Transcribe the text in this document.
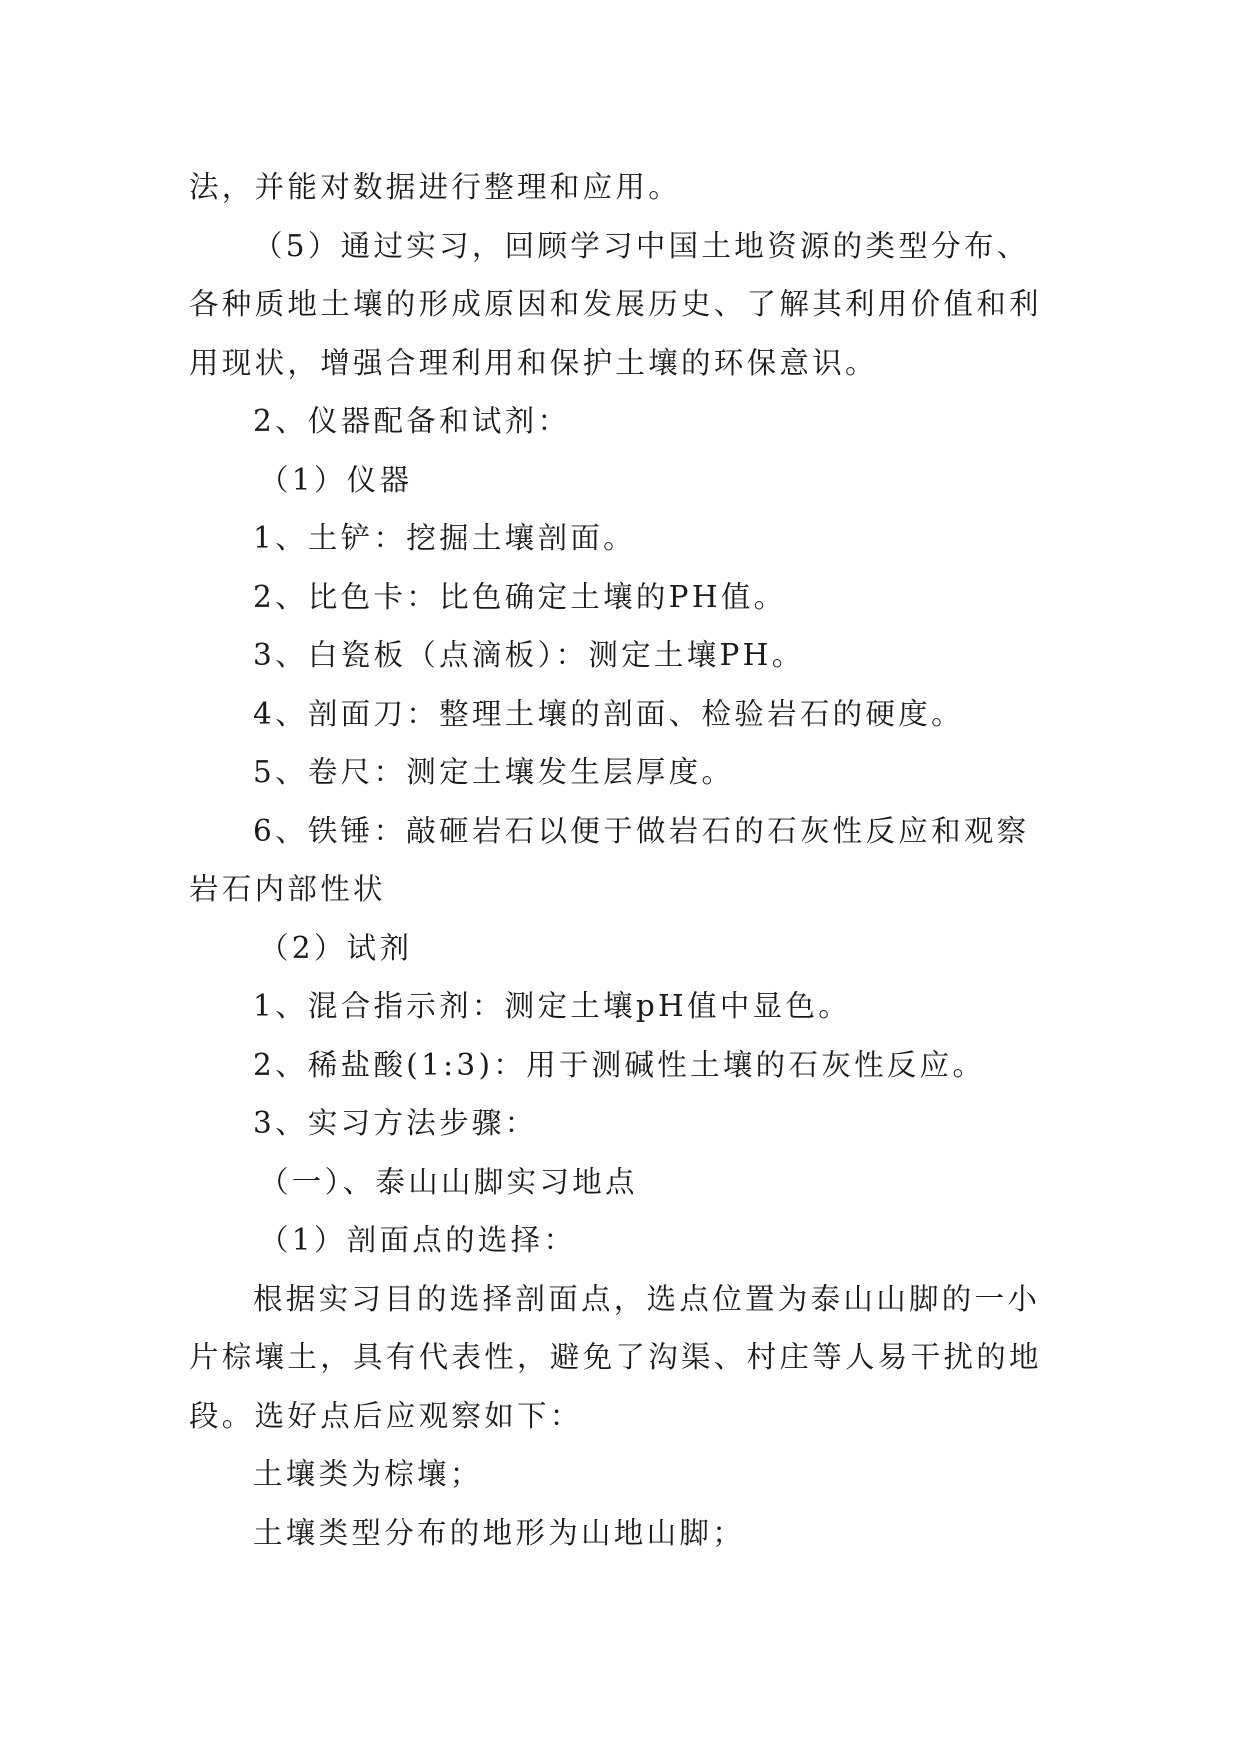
法，并能对数据进行整理和应用。
（5）通过实习，回顾学习中国土地资源的类型分布、
各种质地土壤的形成原因和发展历史、了解其利用价值和利
用现状，增强合理利用和保护土壤的环保意识。
2、仪器配备和试剂：
（1）仪器
1、土铲：挖掘土壤剖面。
2、比色卡：比色确定土壤的PH值。
3、白瓷板（点滴板）：测定土壤PH。
4、剖面刀：整理土壤的剖面、检验岩石的硬度。
5、卷尺：测定土壤发生层厚度。
6、铁锤：敲砸岩石以便于做岩石的石灰性反应和观察
岩石内部性状
（2）试剂
1、混合指示剂：测定土壤pH值中显色。
2、稀盐酸(1:3)：用于测碱性土壤的石灰性反应。
3、实习方法步骤：
（一）、泰山山脚实习地点
（1）剖面点的选择：
根据实习目的选择剖面点，选点位置为泰山山脚的一小
片棕壤土，具有代表性，避免了沟渠、村庄等人易干扰的地
段。选好点后应观察如下：
土壤类为棕壤；
土壤类型分布的地形为山地山脚；
